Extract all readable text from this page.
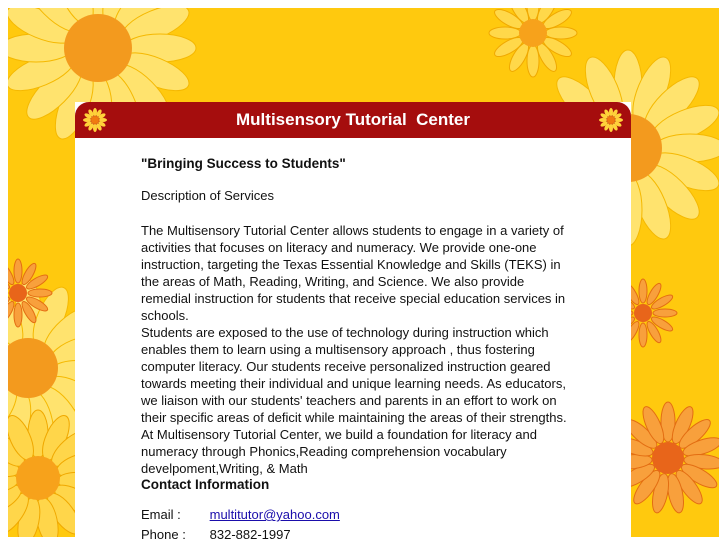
Multisensory Tutorial  Center
"Bringing Success to Students"
Description of Services

The Multisensory Tutorial Center allows students to engage in a variety of activities that focuses on literacy and numeracy. We provide one-one instruction, targeting the Texas Essential Knowledge and Skills (TEKS) in the areas of Math, Reading, Writing, and Science. We also provide remedial instruction for students that receive special education services in schools.

Students are exposed to the use of technology during instruction which enables them to learn using a multisensory approach , thus fostering computer literacy. Our students receive personalized instruction geared towards meeting their individual and unique learning needs. As educators, we liaison with our students' teachers and parents in an effort to work on their specific areas of deficit while maintaining the areas of their strengths. At Multisensory Tutorial Center, we build a foundation for literacy and numeracy through Phonics,Reading comprehension vocabulary develpoment,Writing, & Math

Contact Information
Email : multitutor@yahoo.com
Phone : 832-882-1997
